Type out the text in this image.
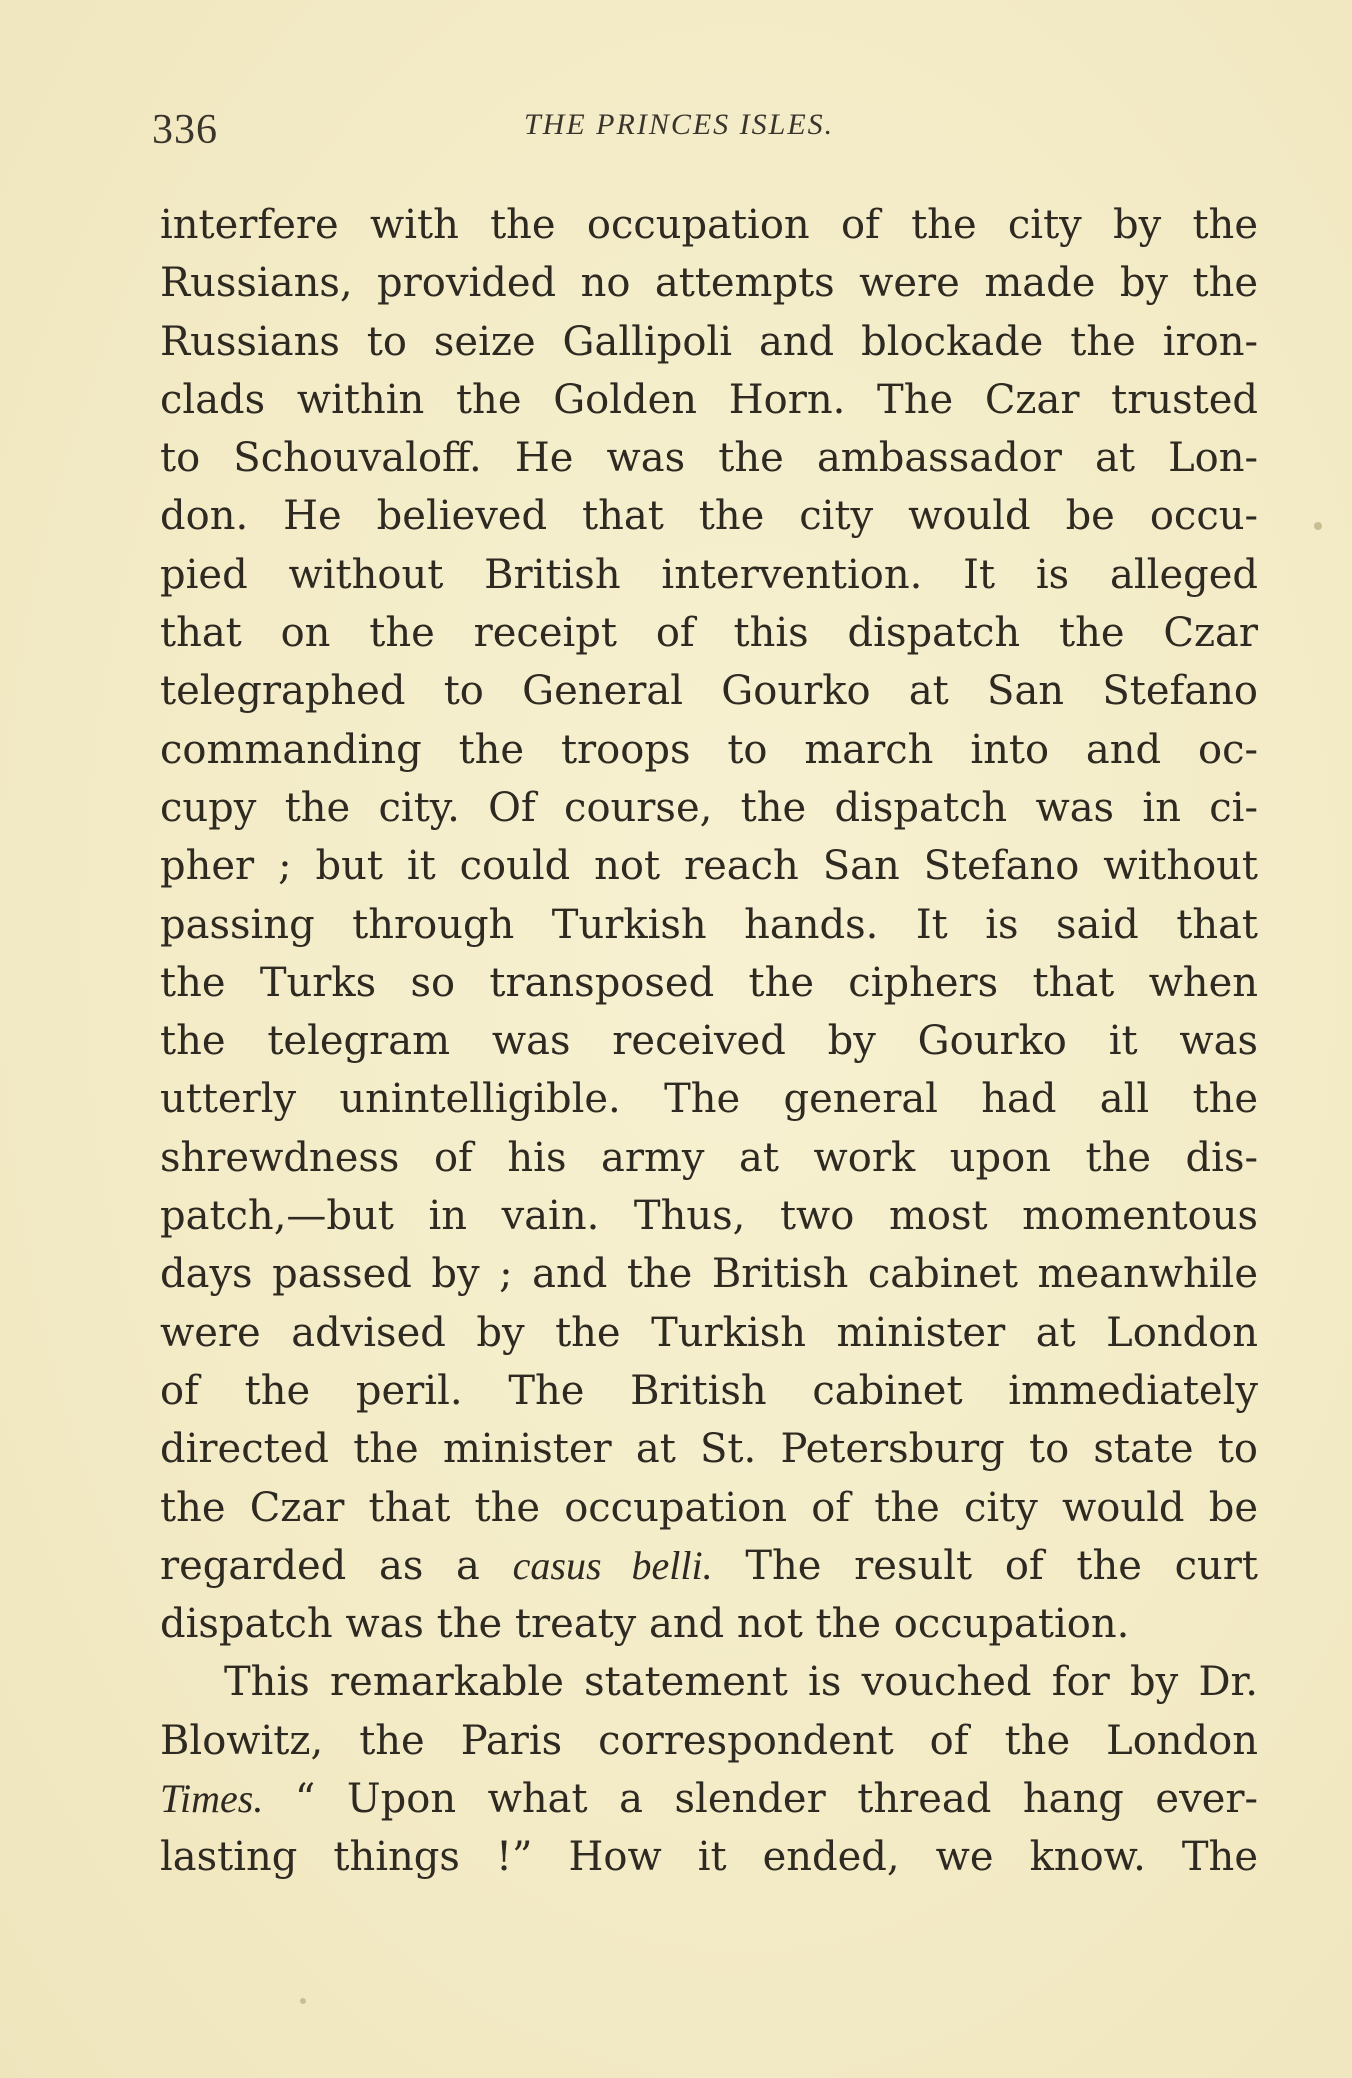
336	THE PRINCES ISLES.
interfere with the occupation of the city by the
Russians, provided no attempts were made by the
Russians to seize Gallipoli and blockade the iron-
clads within the Golden Horn. The Czar trusted
to Schouvaloff. He was the ambassador at Lon-
don. He believed that the city would be occu-
pied without British intervention. It is alleged
that on the receipt of this dispatch the Czar
telegraphed to General Gourko at San Stefano
commanding the troops to march into and oc-
cupy the city. Of course, the dispatch was in ci-
pher ; but it could not reach San Stefano without
passing through Turkish hands. It is said that
the Turks so transposed the ciphers that when
the telegram was received by Gourko it was
utterly unintelligible. The general had all the
shrewdness of his army at work upon the dis-
patch,—but in vain. Thus, two most momentous
days passed by ; and the British cabinet meanwhile
were advised by the Turkish minister at London
of the peril. The British cabinet immediately
directed the minister at St. Petersburg to state to
the Czar that the occupation of the city would be
regarded as a casus belli. The result of the curt
dispatch was the treaty and not the occupation.
This remarkable statement is vouched for by Dr.
Blowitz, the Paris correspondent of the London
Times. “ Upon what a slender thread hang ever-
lasting things !” How it ended, we know. The
